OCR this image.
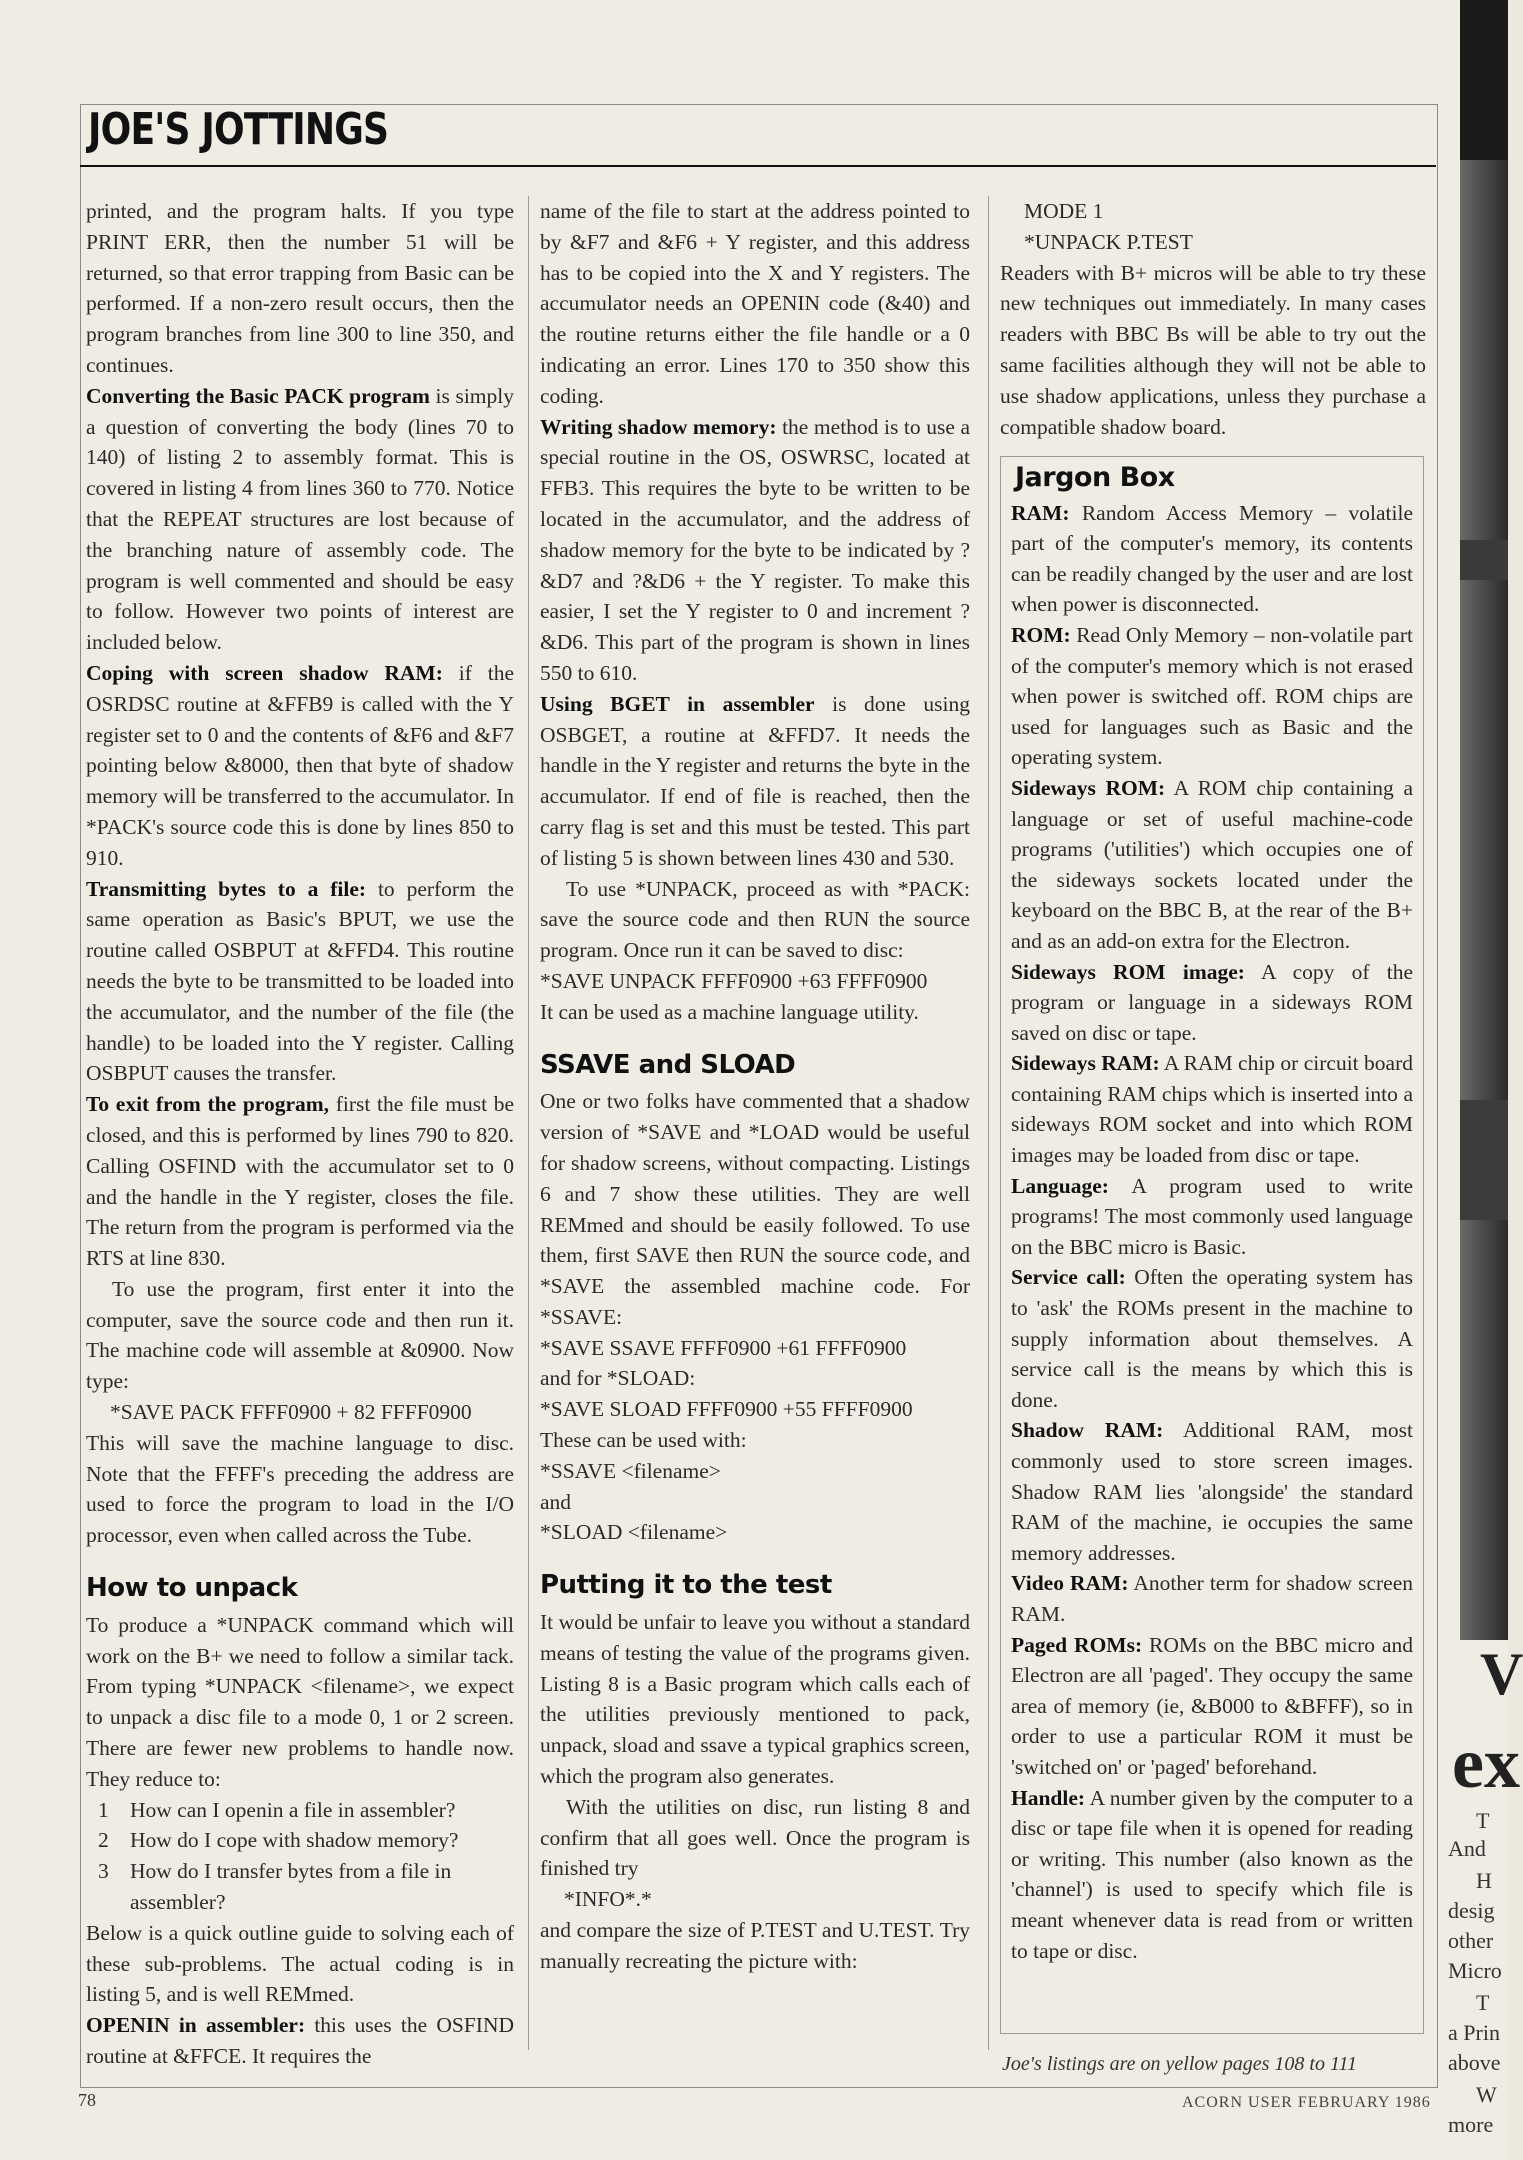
JOE'S JOTTINGS

printed, and the program halts. If you type PRINT ERR, then the number 51 will be returned, so that error trapping from Basic can be performed. If a non-zero result occurs, then the program branches from line 300 to line 350, and continues.

Converting the Basic PACK program is simply a question of converting the body (lines 70 to 140) of listing 2 to assembly format. This is covered in listing 4 from lines 360 to 770. Notice that the REPEAT structures are lost because of the branching nature of assembly code. The program is well commented and should be easy to follow. However two points of interest are included below.

Coping with screen shadow RAM: if the OSRDSC routine at &FFB9 is called with the Y register set to 0 and the contents of &F6 and &F7 pointing below &8000, then that byte of shadow memory will be transferred to the accumulator. In *PACK's source code this is done by lines 850 to 910.

Transmitting bytes to a file: to perform the same operation as Basic's BPUT, we use the routine called OSBPUT at &FFD4. This routine needs the byte to be transmitted to be loaded into the accumulator, and the number of the file (the handle) to be loaded into the Y register. Calling OSBPUT causes the transfer.

To exit from the program, first the file must be closed, and this is performed by lines 790 to 820. Calling OSFIND with the accumulator set to 0 and the handle in the Y register, closes the file. The return from the program is performed via the RTS at line 830.

To use the program, first enter it into the computer, save the source code and then run it. The machine code will assemble at &0900. Now type:

*SAVE PACK FFFF0900 + 82 FFFF0900

This will save the machine language to disc. Note that the FFFF's preceding the address are used to force the program to load in the I/O processor, even when called across the Tube.

How to unpack

To produce a *UNPACK command which will work on the B+ we need to follow a similar tack. From typing *UNPACK <filename>, we expect to unpack a disc file to a mode 0, 1 or 2 screen. There are fewer new problems to handle now. They reduce to:

1 How can I openin a file in assembler?
2 How do I cope with shadow memory?
3 How do I transfer bytes from a file in assembler?

Below is a quick outline guide to solving each of these sub-problems. The actual coding is in listing 5, and is well REMmed.

OPENIN in assembler: this uses the OSFIND routine at &FFCE. It requires the

name of the file to start at the address pointed to by &F7 and &F6 + Y register, and this address has to be copied into the X and Y registers. The accumulator needs an OPENIN code (&40) and the routine returns either the file handle or a 0 indicating an error. Lines 170 to 350 show this coding.

Writing shadow memory: the method is to use a special routine in the OS, OSWRSC, located at FFB3. This requires the byte to be written to be located in the accumulator, and the address of shadow memory for the byte to be indicated by ?&D7 and ?&D6 + the Y register. To make this easier, I set the Y register to 0 and increment ?&D6. This part of the program is shown in lines 550 to 610.

Using BGET in assembler is done using OSBGET, a routine at &FFD7. It needs the handle in the Y register and returns the byte in the accumulator. If end of file is reached, then the carry flag is set and this must be tested. This part of listing 5 is shown between lines 430 and 530.

To use *UNPACK, proceed as with *PACK: save the source code and then RUN the source program. Once run it can be saved to disc:

*SAVE UNPACK FFFF0900 +63 FFFF0900

It can be used as a machine language utility.

SSAVE and SLOAD

One or two folks have commented that a shadow version of *SAVE and *LOAD would be useful for shadow screens, without compacting. Listings 6 and 7 show these utilities. They are well REMmed and should be easily followed. To use them, first SAVE then RUN the source code, and *SAVE the assembled machine code. For *SSAVE:

*SAVE SSAVE FFFF0900 +61 FFFF0900

and for *SLOAD:

*SAVE SLOAD FFFF0900 +55 FFFF0900

These can be used with:

*SSAVE <filename>

and

*SLOAD <filename>

Putting it to the test

It would be unfair to leave you without a standard means of testing the value of the programs given. Listing 8 is a Basic program which calls each of the utilities previously mentioned to pack, unpack, sload and ssave a typical graphics screen, which the program also generates.

With the utilities on disc, run listing 8 and confirm that all goes well. Once the program is finished try

*INFO*.*

and compare the size of P.TEST and U.TEST. Try manually recreating the picture with:

MODE 1

*UNPACK P.TEST

Readers with B+ micros will be able to try these new techniques out immediately. In many cases readers with BBC Bs will be able to try out the same facilities although they will not be able to use shadow applications, unless they purchase a compatible shadow board.

Jargon Box

RAM: Random Access Memory – volatile part of the computer's memory, its contents can be readily changed by the user and are lost when power is disconnected.

ROM: Read Only Memory – non-volatile part of the computer's memory which is not erased when power is switched off. ROM chips are used for languages such as Basic and the operating system.

Sideways ROM: A ROM chip containing a language or set of useful machine-code programs ('utilities') which occupies one of the sideways sockets located under the keyboard on the BBC B, at the rear of the B+ and as an add-on extra for the Electron.

Sideways ROM image: A copy of the program or language in a sideways ROM saved on disc or tape.

Sideways RAM: A RAM chip or circuit board containing RAM chips which is inserted into a sideways ROM socket and into which ROM images may be loaded from disc or tape.

Language: A program used to write programs! The most commonly used language on the BBC micro is Basic.

Service call: Often the operating system has to 'ask' the ROMs present in the machine to supply information about themselves. A service call is the means by which this is done.

Shadow RAM: Additional RAM, most commonly used to store screen images. Shadow RAM lies 'alongside' the standard RAM of the machine, ie occupies the same memory addresses.

Video RAM: Another term for shadow screen RAM.

Paged ROMs: ROMs on the BBC micro and Electron are all 'paged'. They occupy the same area of memory (ie, &B000 to &BFFF), so in order to use a particular ROM it must be 'switched on' or 'paged' beforehand.

Handle: A number given by the computer to a disc or tape file when it is opened for reading or writing. This number (also known as the 'channel') is used to specify which file is meant whenever data is read from or written to tape or disc.

Joe's listings are on yellow pages 108 to 111
78	ACORN USER FEBRUARY 1986
V
ex
T
And
H
desig
other
Micro
T
a Prin
above
W
more
